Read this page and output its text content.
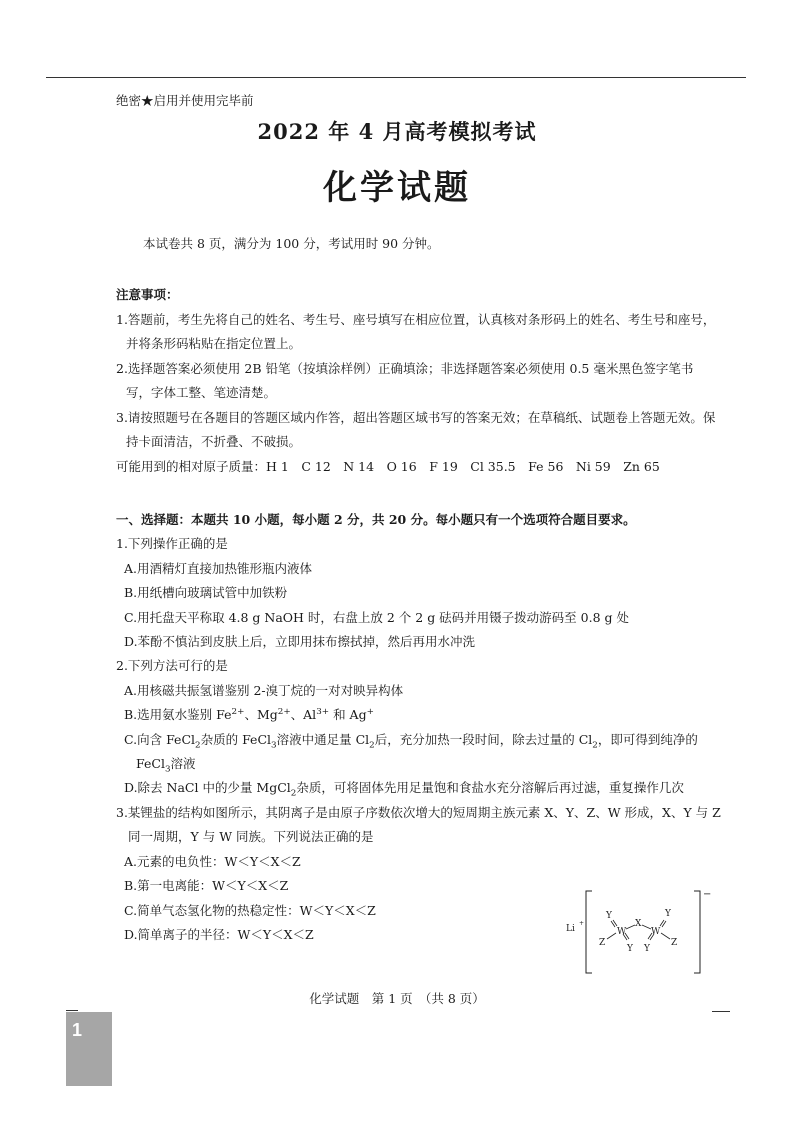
绝密★启用并使用完毕前
2022 年 4 月高考模拟考试
化学试题
本试卷共 8 页，满分为 100 分，考试用时 90 分钟。

注意事项：

1.答题前，考生先将自己的姓名、考生号、座号填写在相应位置，认真核对条形码上的姓名、考生号和座号，并将条形码粘贴在指定位置上。

2.选择题答案必须使用 2B 铅笔（按填涂样例）正确填涂；非选择题答案必须使用 0.5 毫米黑色签字笔书写，字体工整、笔迹清楚。

3.请按照题号在各题目的答题区域内作答，超出答题区域书写的答案无效；在草稿纸、试题卷上答题无效。保持卡面清洁，不折叠、不破损。

可能用到的相对原子质量：H 1　C 12　N 14　O 16　F 19　Cl 35.5　Fe 56　Ni 59　Zn 65

一、选择题：本题共 10 小题，每小题 2 分，共 20 分。每小题只有一个选项符合题目要求。

1.下列操作正确的是

A.用酒精灯直接加热锥形瓶内液体

B.用纸槽向玻璃试管中加铁粉

C.用托盘天平称取 4.8 g NaOH 时，右盘上放 2 个 2 g 砝码并用镊子拨动游码至 0.8 g 处

D.苯酚不慎沾到皮肤上后，立即用抹布擦拭掉，然后再用水冲洗

2.下列方法可行的是

A.用核磁共振氢谱鉴别 2-溴丁烷的一对对映异构体

B.选用氨水鉴别 $Fe^{2+}$、$Mg^{2+}$、$Al^{3+}$ 和 Ag+

C.向含 FeCl$_2$杂质的 FeCl$_3$溶液中通足量 $Cl_2$后，充分加热一段时间，除去过量的 $Cl_2$，即可得到纯净的 FeCl$_3$溶液

D.除去 NaCl 中的少量 MgCl$_2$杂质，可将固体先用足量饱和食盐水充分溶解后再过滤，重复操作几次

3.某锂盐的结构如图所示，其阴离子是由原子序数依次增大的短周期主族元素 X、Y、Z、W 形成，X、Y 与 Z 同一周期，Y 与 W 同族。下列说法正确的是

A.元素的电负性：W＜Y＜X＜Z

B.第一电离能：W＜Y＜X＜Z

C.简单气态氢化物的热稳定性：W＜Y＜X＜Z

D.简单离子的半径：W＜Y＜X＜Z	Li
+
−
Y
W
Z
Y
X
Y
W
Z
Y
化学试题　第 1 页　（共 8 页）
1
